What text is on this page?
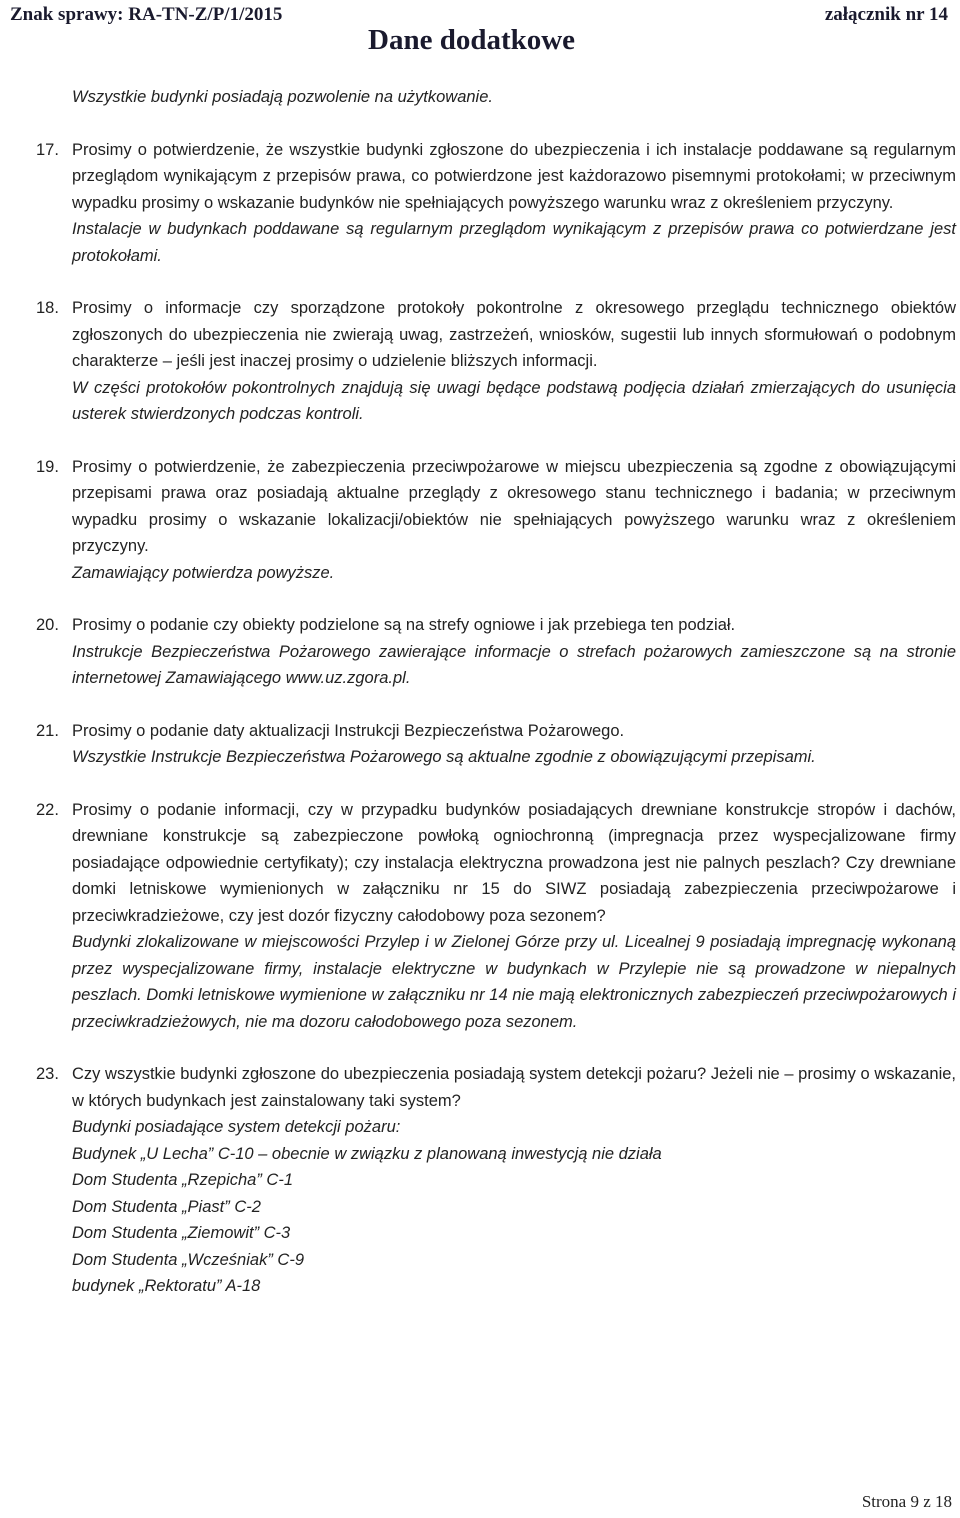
Znak sprawy: RA-TN-Z/P/1/2015
Dane dodatkowe
załącznik nr 14

Wszystkie budynki posiadają pozwolenie na użytkowanie.

17. Prosimy o potwierdzenie, że wszystkie budynki zgłoszone do ubezpieczenia i ich instalacje poddawane są regularnym przeglądom wynikającym z przepisów prawa, co potwierdzone jest każdorazowo pisemnymi protokołami; w przeciwnym wypadku prosimy o wskazanie budynków nie spełniających powyższego warunku wraz z określeniem przyczyny.

Instalacje w budynkach poddawane są regularnym przeglądom wynikającym z przepisów prawa co potwierdzane jest protokołami.

18. Prosimy o informacje czy sporządzone protokoły pokontrolne z okresowego przeglądu technicznego obiektów zgłoszonych do ubezpieczenia nie zwierają uwag, zastrzeżeń, wniosków, sugestii lub innych sformułowań o podobnym charakterze – jeśli jest inaczej prosimy o udzielenie bliższych informacji.

W części protokołów pokontrolnych znajdują się uwagi będące podstawą podjęcia działań zmierzających do usunięcia usterek stwierdzonych podczas kontroli.

19. Prosimy o potwierdzenie, że zabezpieczenia przeciwpożarowe w miejscu ubezpieczenia są zgodne z obowiązującymi przepisami prawa oraz posiadają aktualne przeglądy z okresowego stanu technicznego i badania; w przeciwnym wypadku prosimy o wskazanie lokalizacji/obiektów nie spełniających powyższego warunku wraz z określeniem przyczyny.

Zamawiający potwierdza powyższe.

20. Prosimy o podanie czy obiekty podzielone są na strefy ogniowe i jak przebiega ten podział.

Instrukcje Bezpieczeństwa Pożarowego zawierające informacje o strefach pożarowych zamieszczone są na stronie internetowej Zamawiającego www.uz.zgora.pl.

21. Prosimy o podanie daty aktualizacji Instrukcji Bezpieczeństwa Pożarowego.

Wszystkie Instrukcje Bezpieczeństwa Pożarowego są aktualne zgodnie z obowiązującymi przepisami.

22. Prosimy o podanie informacji, czy w przypadku budynków posiadających drewniane konstrukcje stropów i dachów, drewniane konstrukcje są zabezpieczone powłoką ogniochronną (impregnacja przez wyspecjalizowane firmy posiadające odpowiednie certyfikaty); czy instalacja elektryczna prowadzona jest nie palnych peszlach? Czy drewniane domki letniskowe wymienionych w załączniku nr 15 do SIWZ posiadają zabezpieczenia przeciwpożarowe i przeciwkradzieżowe, czy jest dozór fizyczny całodobowy poza sezonem?

Budynki zlokalizowane w miejscowości Przylep i w Zielonej Górze przy ul. Licealnej 9 posiadają impregnację wykonaną przez wyspecjalizowane firmy, instalacje elektryczne w budynkach w Przylepie nie są prowadzone w niepalnych peszlach. Domki letniskowe wymienione w załączniku nr 14 nie mają elektronicznych zabezpieczeń przeciwpożarowych i przeciwkradzieżowych, nie ma dozoru całodobowego poza sezonem.

23. Czy wszystkie budynki zgłoszone do ubezpieczenia posiadają system detekcji pożaru? Jeżeli nie – prosimy o wskazanie, w których budynkach jest zainstalowany taki system?

Budynki posiadające system detekcji pożaru:

Budynek „U Lecha” C-10 – obecnie w związku z planowaną inwestycją nie działa

Dom Studenta „Rzepicha” C-1

Dom Studenta „Piast” C-2

Dom Studenta „Ziemowit” C-3

Dom Studenta „Wcześniak” C-9

budynek „Rektoratu” A-18

Strona 9 z 18
